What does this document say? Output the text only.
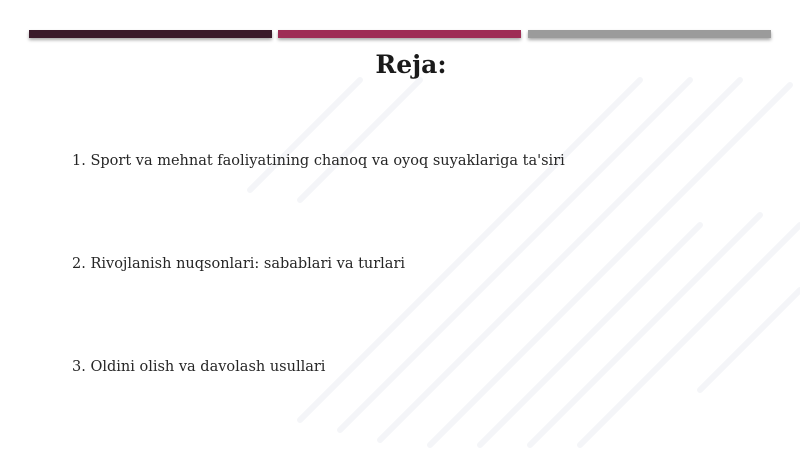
Reja:
1. Sport va mehnat faoliyatining chanoq va oyoq suyaklariga ta'siri
2. Rivojlanish nuqsonlari: sabablari va turlari
3. Oldini olish va davolash usullari
